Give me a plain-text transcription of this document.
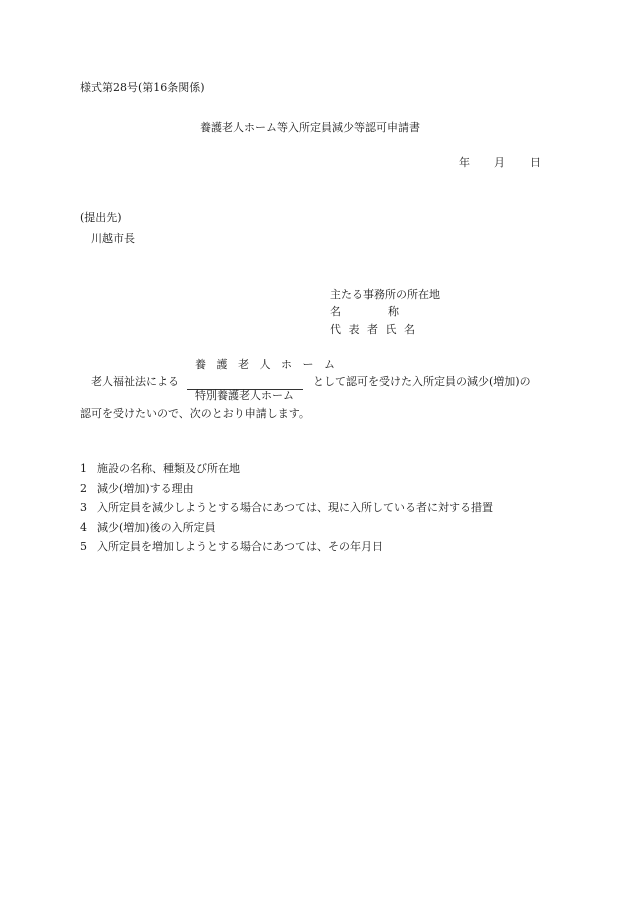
様式第28号(第16条関係)
養護老人ホーム等入所定員減少等認可申請書
年 月 日
(提出先)
川越市長
主たる事務所の所在地
名	称
代 表 者 氏 名
養 護 老 人 ホ ー ム
老人福祉法による	として認可を受けた入所定員の減少(増加)の
特別養護老人ホーム
認可を受けたいので、次のとおり申請します。
1 施設の名称、種類及び所在地
2 減少(増加)する理由
3 入所定員を減少しようとする場合にあつては、現に入所している者に対する措置
4 減少(増加)後の入所定員
5 入所定員を増加しようとする場合にあつては、その年月日
